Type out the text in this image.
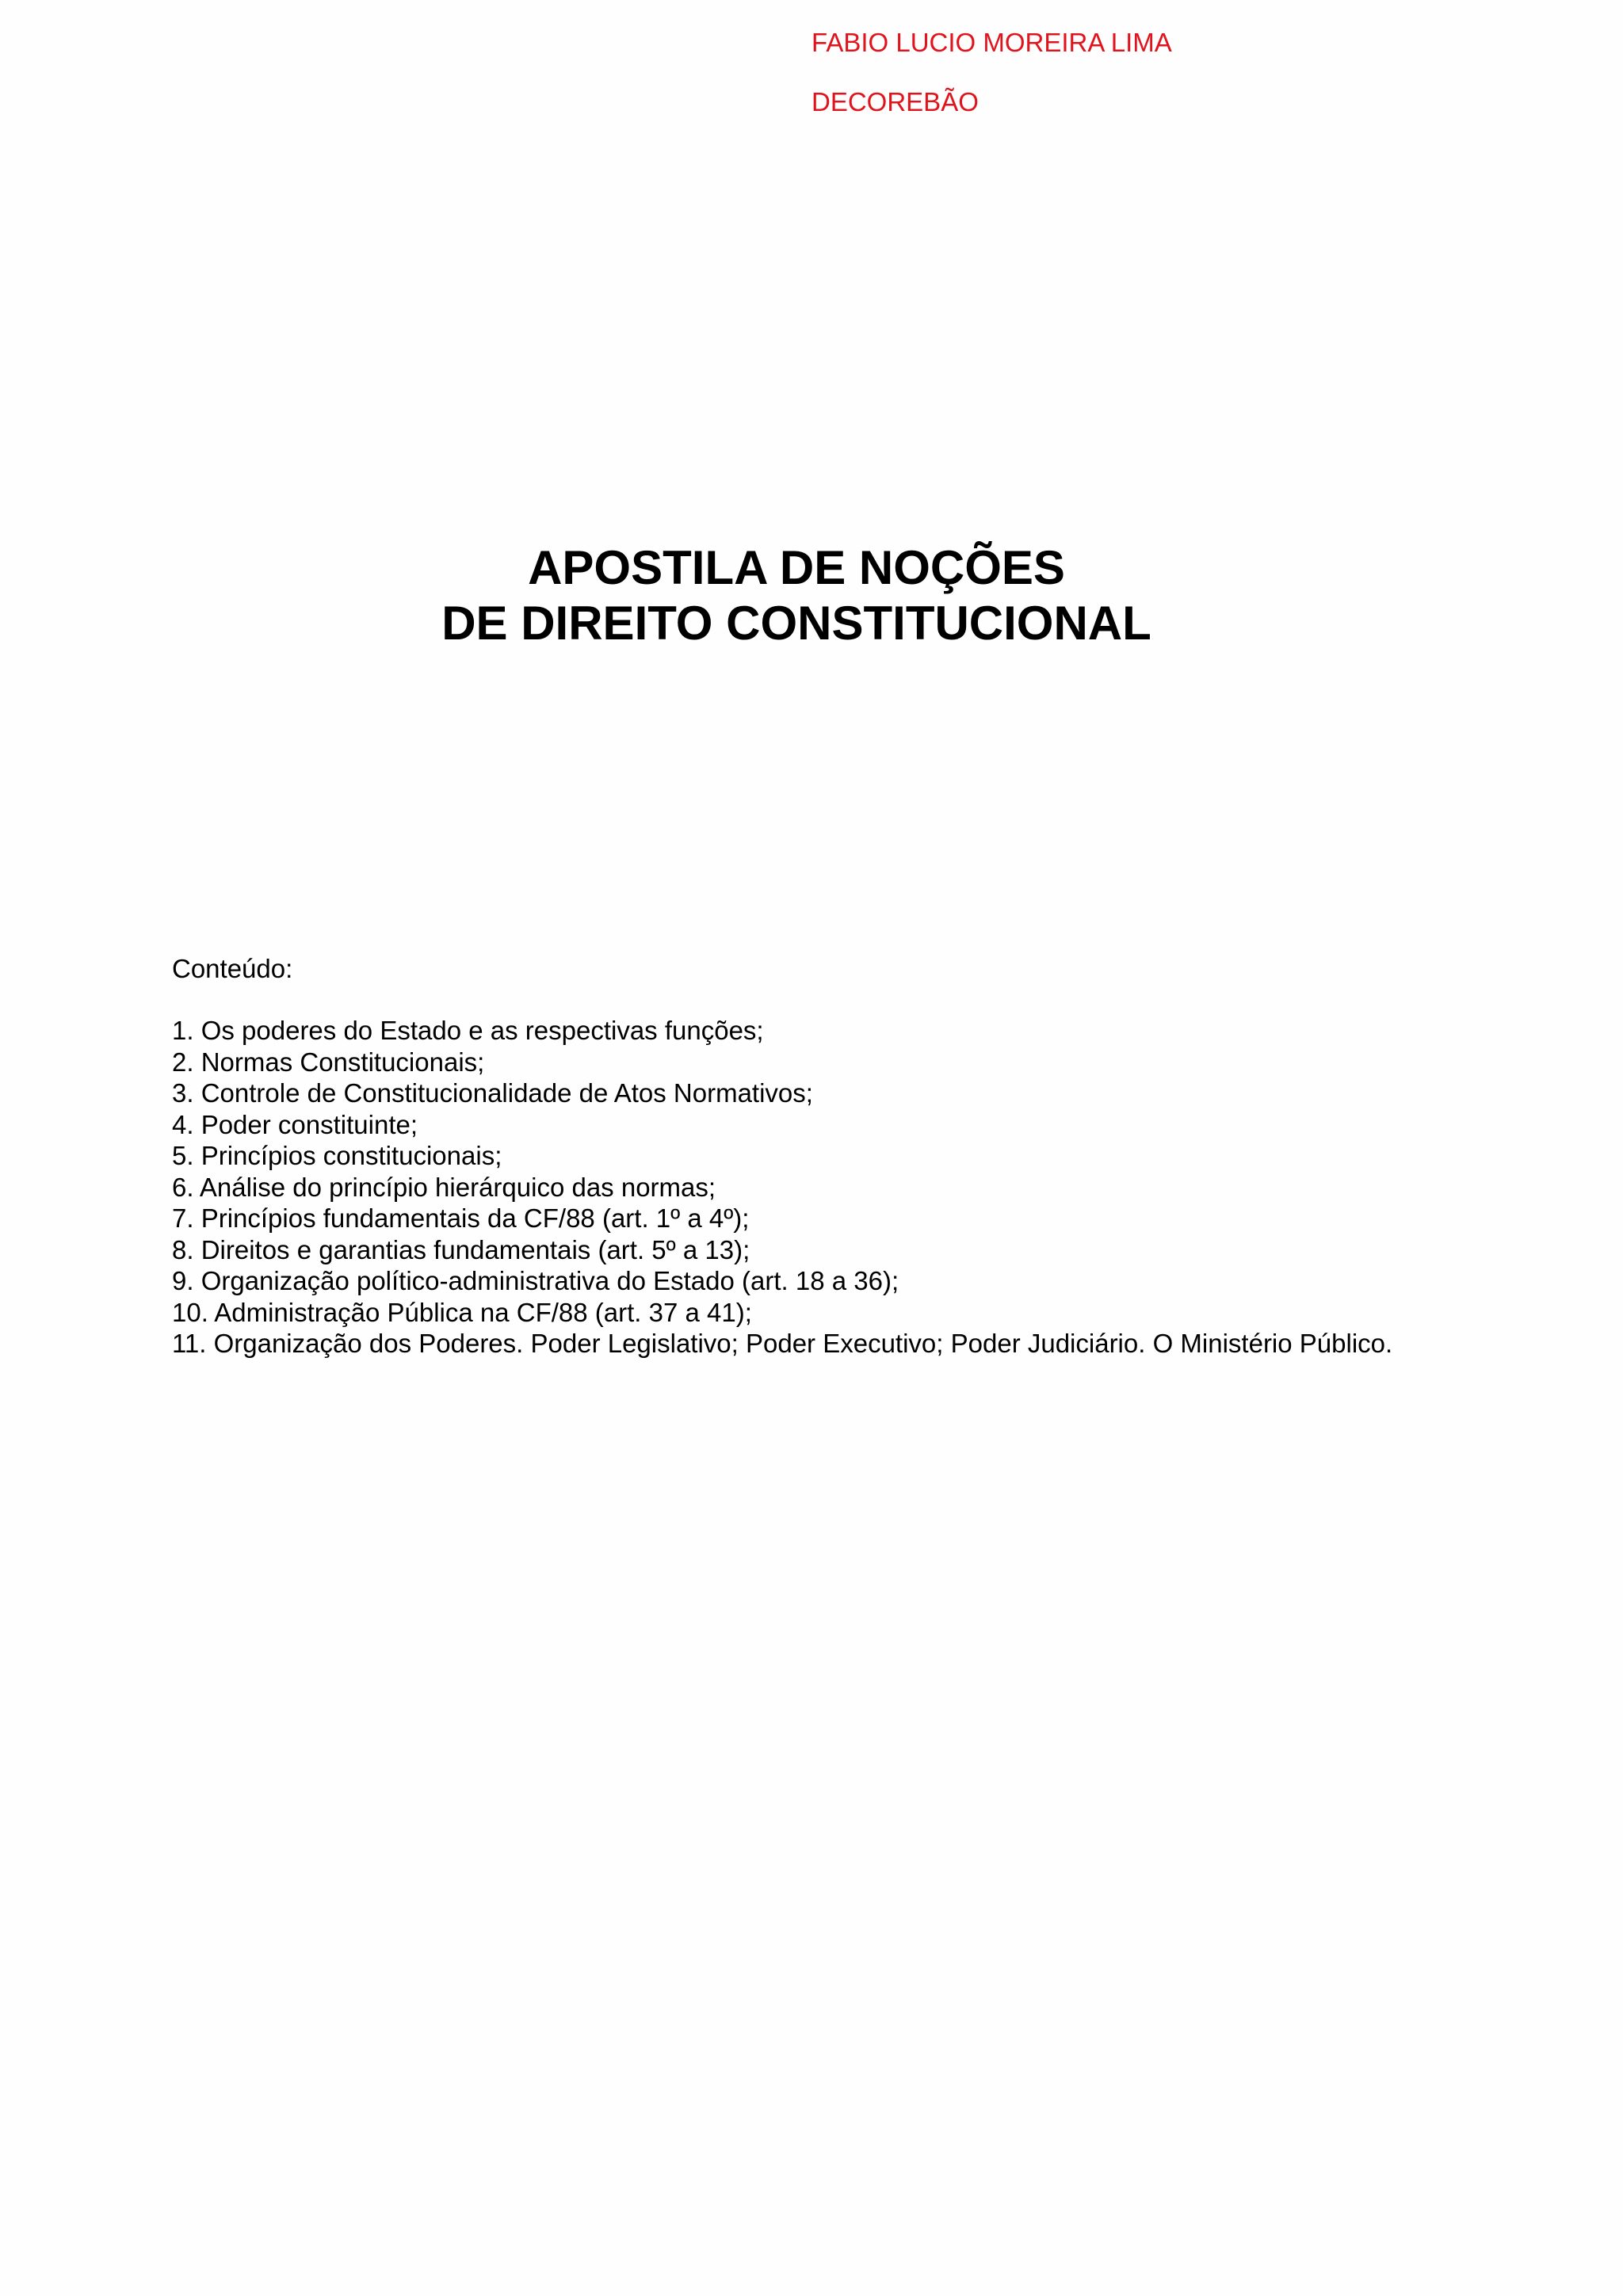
FABIO LUCIO MOREIRA LIMA
DECOREBÃO
APOSTILA DE NOÇÕES
DE DIREITO CONSTITUCIONAL
Conteúdo:
1. Os poderes do Estado e as respectivas funções;
2. Normas Constitucionais;
3. Controle de Constitucionalidade de Atos Normativos;
4. Poder constituinte;
5. Princípios constitucionais;
6. Análise do princípio hierárquico das normas;
7. Princípios fundamentais da CF/88 (art. 1º a 4º);
8. Direitos e garantias fundamentais (art. 5º a 13);
9. Organização político-administrativa do Estado (art. 18 a 36);
10. Administração Pública na CF/88 (art. 37 a 41);
11. Organização dos Poderes. Poder Legislativo; Poder Executivo; Poder Judiciário. O Ministério Público.
